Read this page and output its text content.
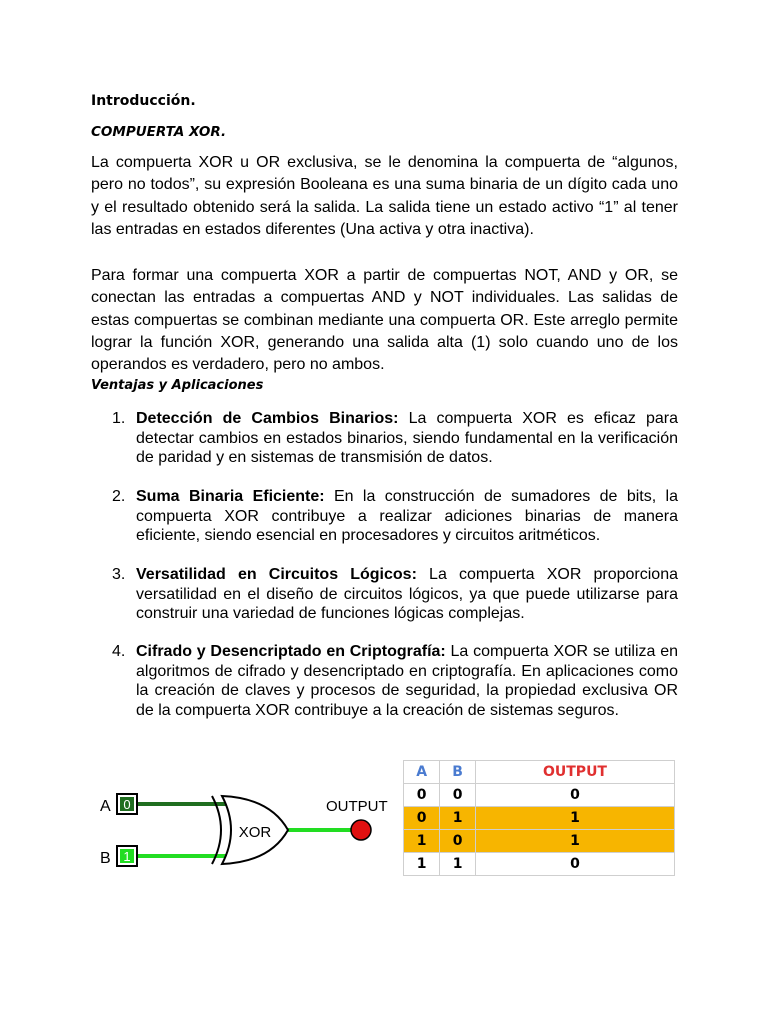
Introducción.
COMPUERTA XOR.

La compuerta XOR u OR exclusiva, se le denomina la compuerta de “algunos, pero no todos”, su expresión Booleana es una suma binaria de un dígito cada uno y el resultado obtenido será la salida. La salida tiene un estado activo “1” al tener las entradas en estados diferentes (Una activa y otra inactiva).

Para formar una compuerta XOR a partir de compuertas NOT, AND y OR, se conectan las entradas a compuertas AND y NOT individuales. Las salidas de estas compuertas se combinan mediante una compuerta OR. Este arreglo permite lograr la función XOR, generando una salida alta (1) solo cuando uno de los operandos es verdadero, pero no ambos.

Ventajas y Aplicaciones
1. Detección de Cambios Binarios: La compuerta XOR es eficaz para detectar cambios en estados binarios, siendo fundamental en la verificación de paridad y en sistemas de transmisión de datos.
2. Suma Binaria Eficiente: En la construcción de sumadores de bits, la compuerta XOR contribuye a realizar adiciones binarias de manera eficiente, siendo esencial en procesadores y circuitos aritméticos.
3. Versatilidad en Circuitos Lógicos: La compuerta XOR proporciona versatilidad en el diseño de circuitos lógicos, ya que puede utilizarse para construir una variedad de funciones lógicas complejas.
4. Cifrado y Desencriptado en Criptografía: La compuerta XOR se utiliza en algoritmos de cifrado y desencriptado en criptografía. En aplicaciones como la creación de claves y procesos de seguridad, la propiedad exclusiva OR de la compuerta XOR contribuye a la creación de sistemas seguros.
XOR
A 0
B 1
OUTPUT
A	B	OUTPUT
0	0	0
0	1	1
1	0	1
1	1	0
